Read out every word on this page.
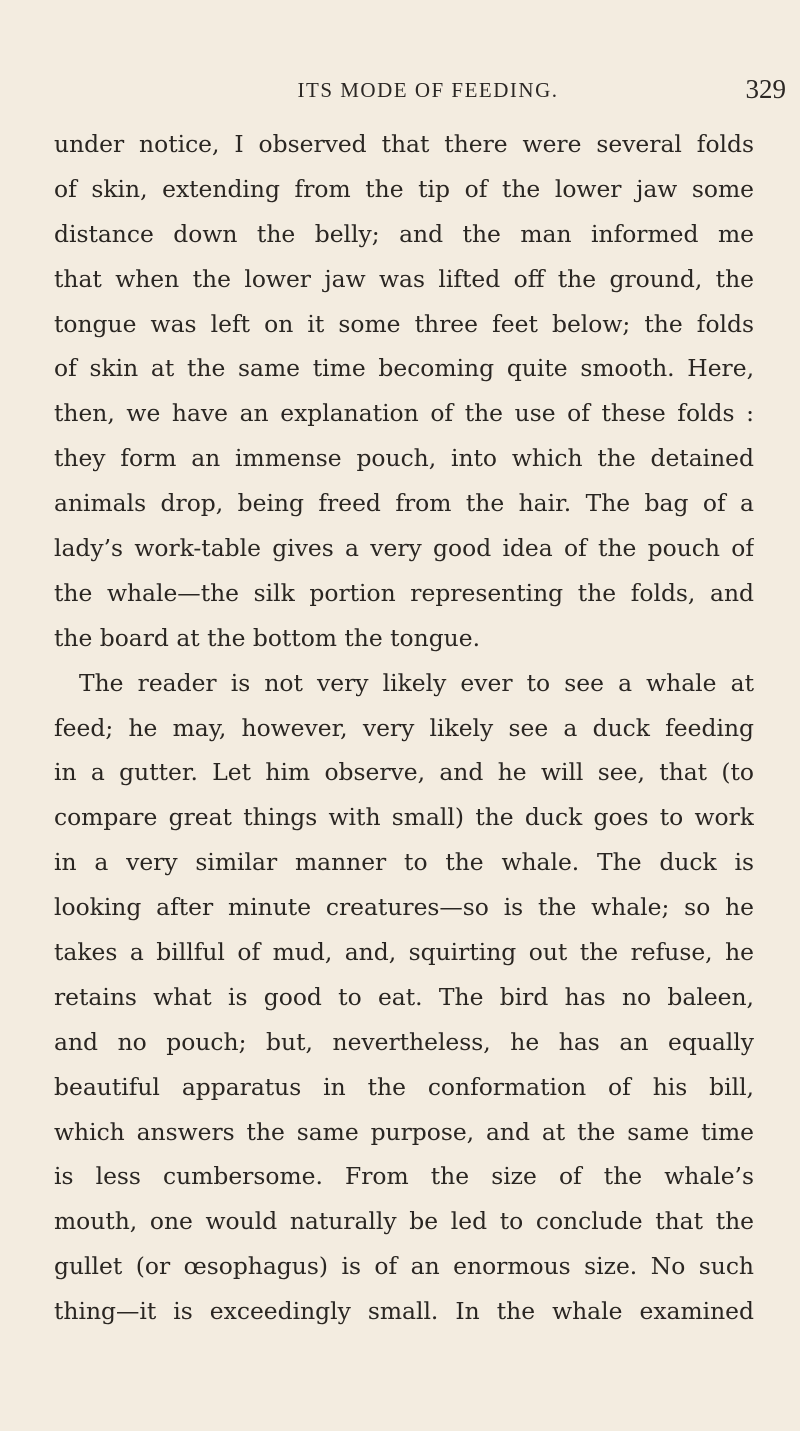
ITS MODE OF FEEDING.	329
under notice, I observed that there were several folds
of skin, extending from the tip of the lower jaw some
distance down the belly; and the man informed me
that when the lower jaw was lifted off the ground, the
tongue was left on it some three feet below; the folds
of skin at the same time becoming quite smooth. Here,
then, we have an explanation of the use of these folds :
they form an immense pouch, into which the detained
animals drop, being freed from the hair. The bag of a
lady’s work-table gives a very good idea of the pouch of
the whale—the silk portion representing the folds, and
the board at the bottom the tongue.
The reader is not very likely ever to see a whale at
feed; he may, however, very likely see a duck feeding
in a gutter. Let him observe, and he will see, that (to
compare great things with small) the duck goes to work
in a very similar manner to the whale. The duck is
looking after minute creatures—so is the whale; so he
takes a billful of mud, and, squirting out the refuse, he
retains what is good to eat. The bird has no baleen,
and no pouch; but, nevertheless, he has an equally
beautiful apparatus in the conformation of his bill,
which answers the same purpose, and at the same time
is less cumbersome. From the size of the whale’s
mouth, one would naturally be led to conclude that the
gullet (or œsophagus) is of an enormous size. No such
thing—it is exceedingly small. In the whale examined
